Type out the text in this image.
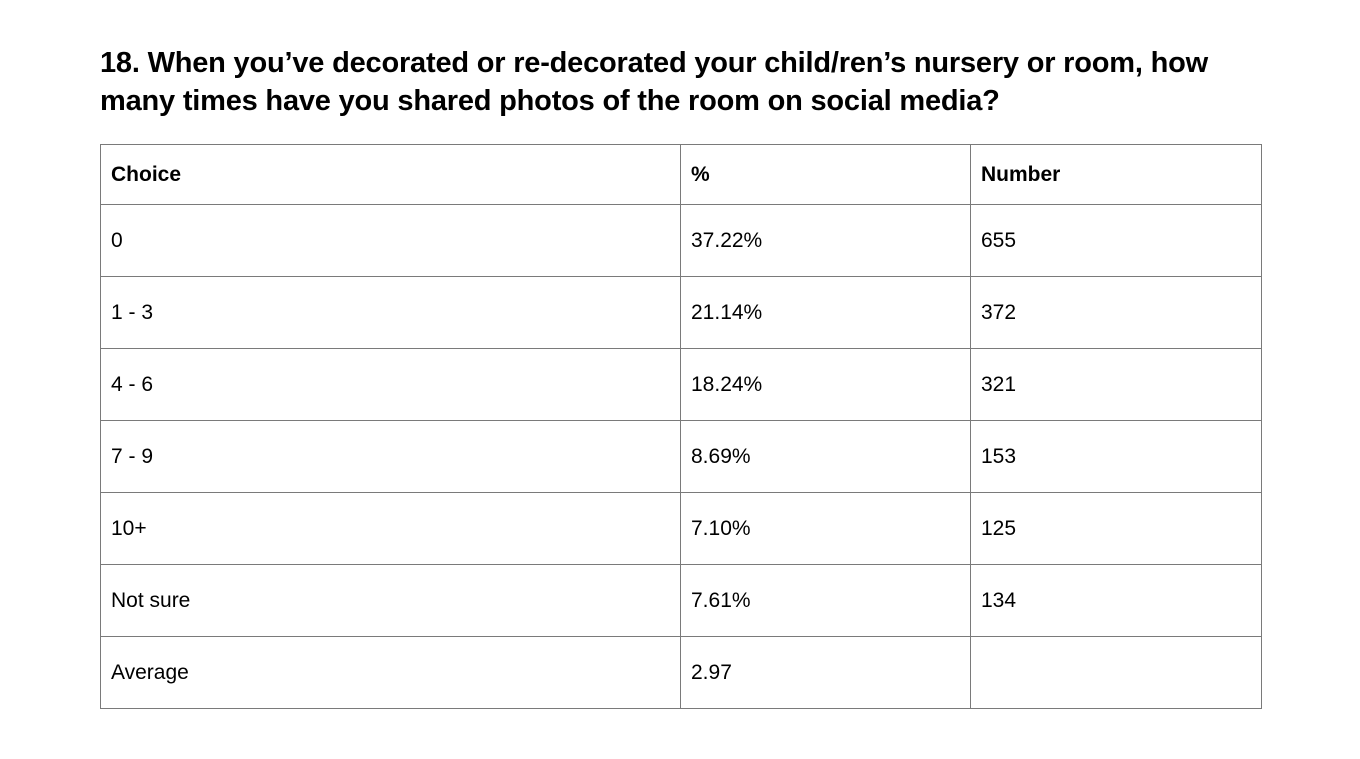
18. When you’ve decorated or re-decorated your child/ren’s nursery or room, how many times have you shared photos of the room on social media?
Choice	%	Number
0	37.22%	655
1 - 3	21.14%	372
4 - 6	18.24%	321
7 - 9	8.69%	153
10+	7.10%	125
Not sure	7.61%	134
Average	2.97	
